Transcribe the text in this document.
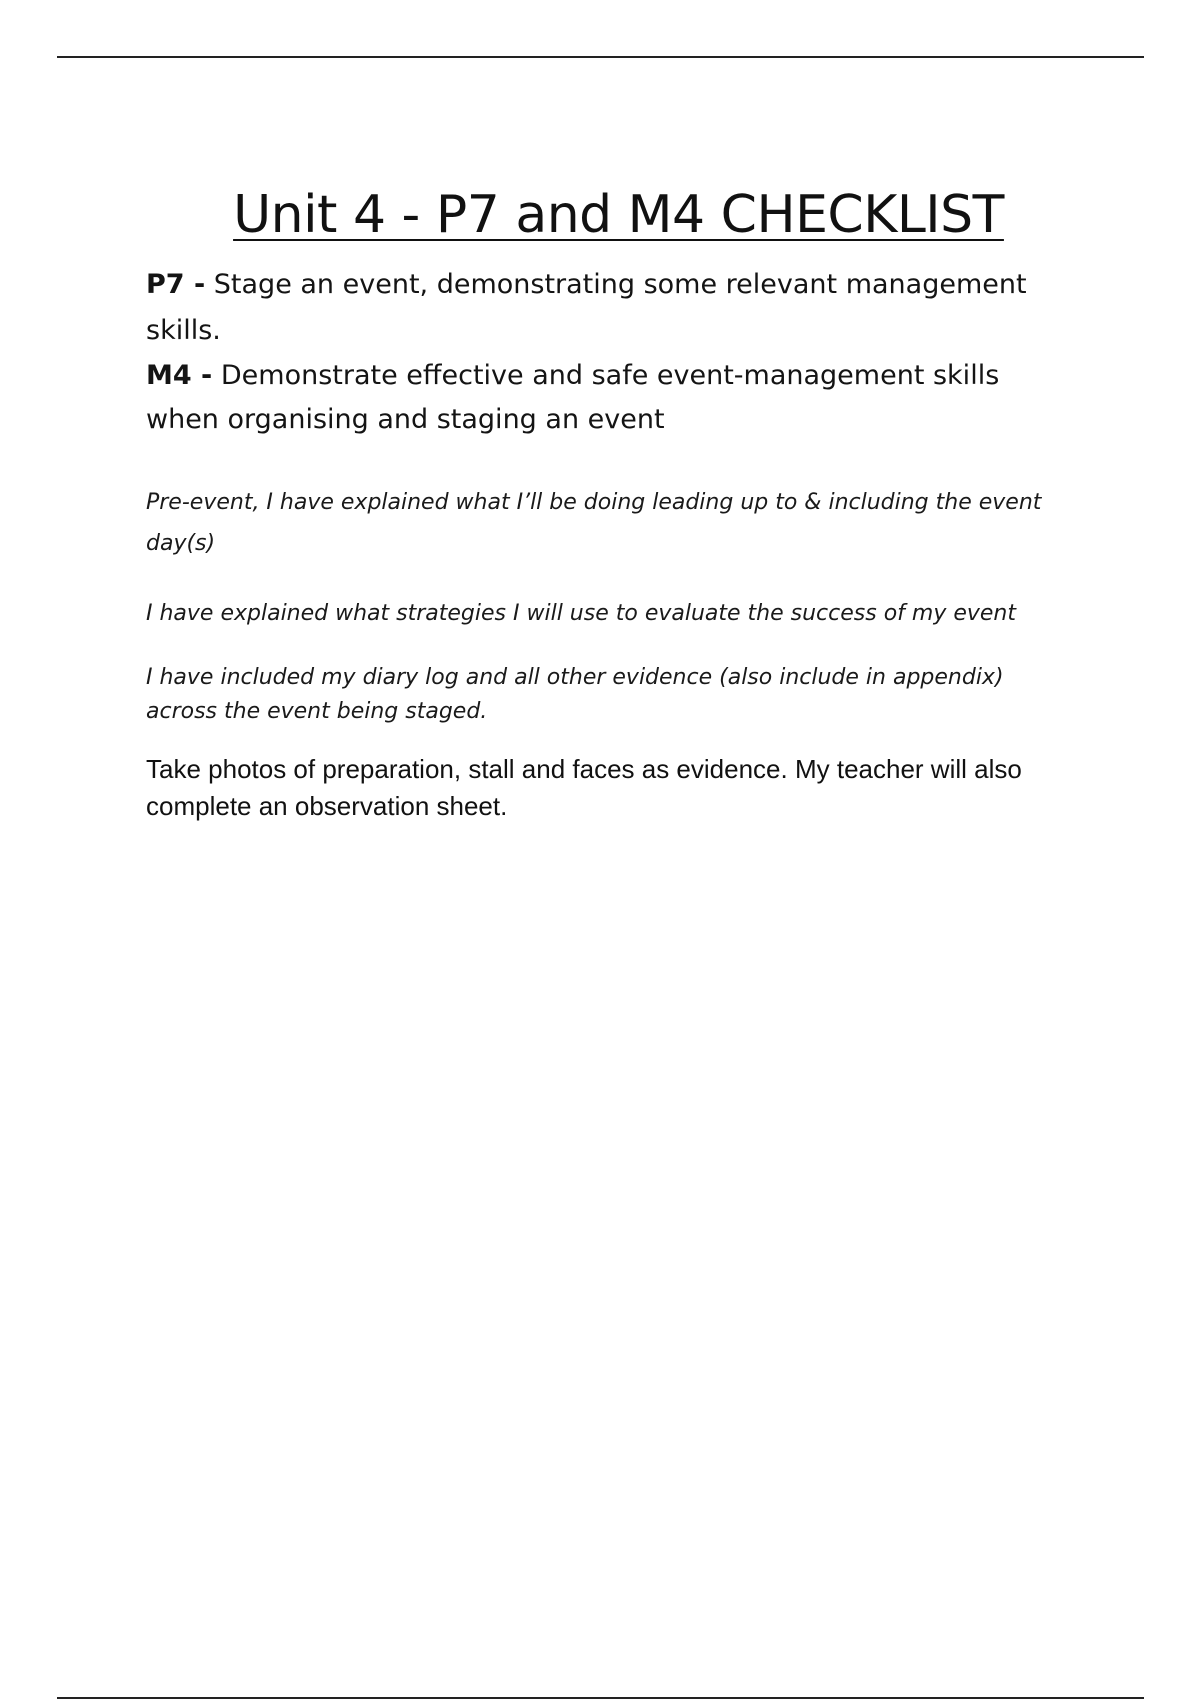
Unit 4 - P7 and M4 CHECKLIST

P7 - Stage an event, demonstrating some relevant management skills.

M4 - Demonstrate effective and safe event-management skills when organising and staging an event

Pre-event, I have explained what I’ll be doing leading up to & including the event day(s)

I have explained what strategies I will use to evaluate the success of my event

I have included my diary log and all other evidence (also include in appendix) across the event being staged.

Take photos of preparation, stall and faces as evidence. My teacher will also complete an observation sheet.
